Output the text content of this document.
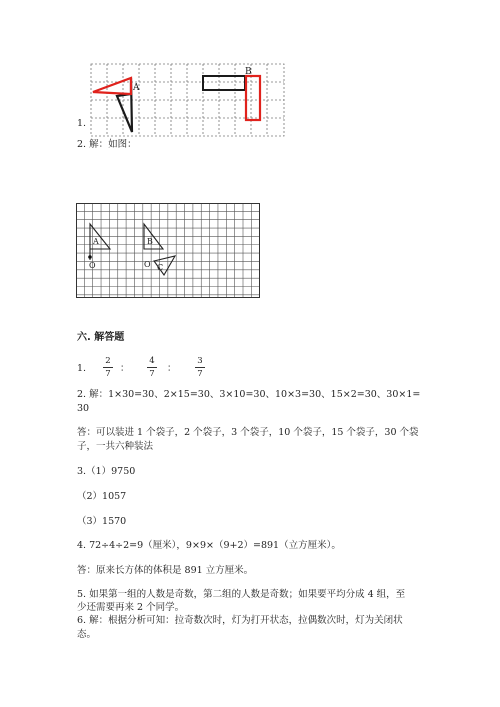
A
B
1.
2. 解：如图：
A	B
O	O C
六. 解答题
1.
2
7 ：
4
7 ：
3
7
2. 解：1×30=30、2×15=30、3×10=30、10×3=30、15×2=30、30×1=
30
答：可以装进 1 个袋子，2 个袋子，3 个袋子，10 个袋子，15 个袋子，30 个袋
子，一共六种装法
3.（1）9750
（2）1057
（3）1570
4. 72÷4÷2=9（厘米），9×9×（9+2）=891（立方厘米）。
答：原来长方体的体积是 891 立方厘米。
5. 如果第一组的人数是奇数，第二组的人数是奇数；如果要平均分成 4 组，至
少还需要再来 2 个同学。
6. 解：根据分析可知：拉奇数次时，灯为打开状态，拉偶数次时，灯为关闭状
态。
